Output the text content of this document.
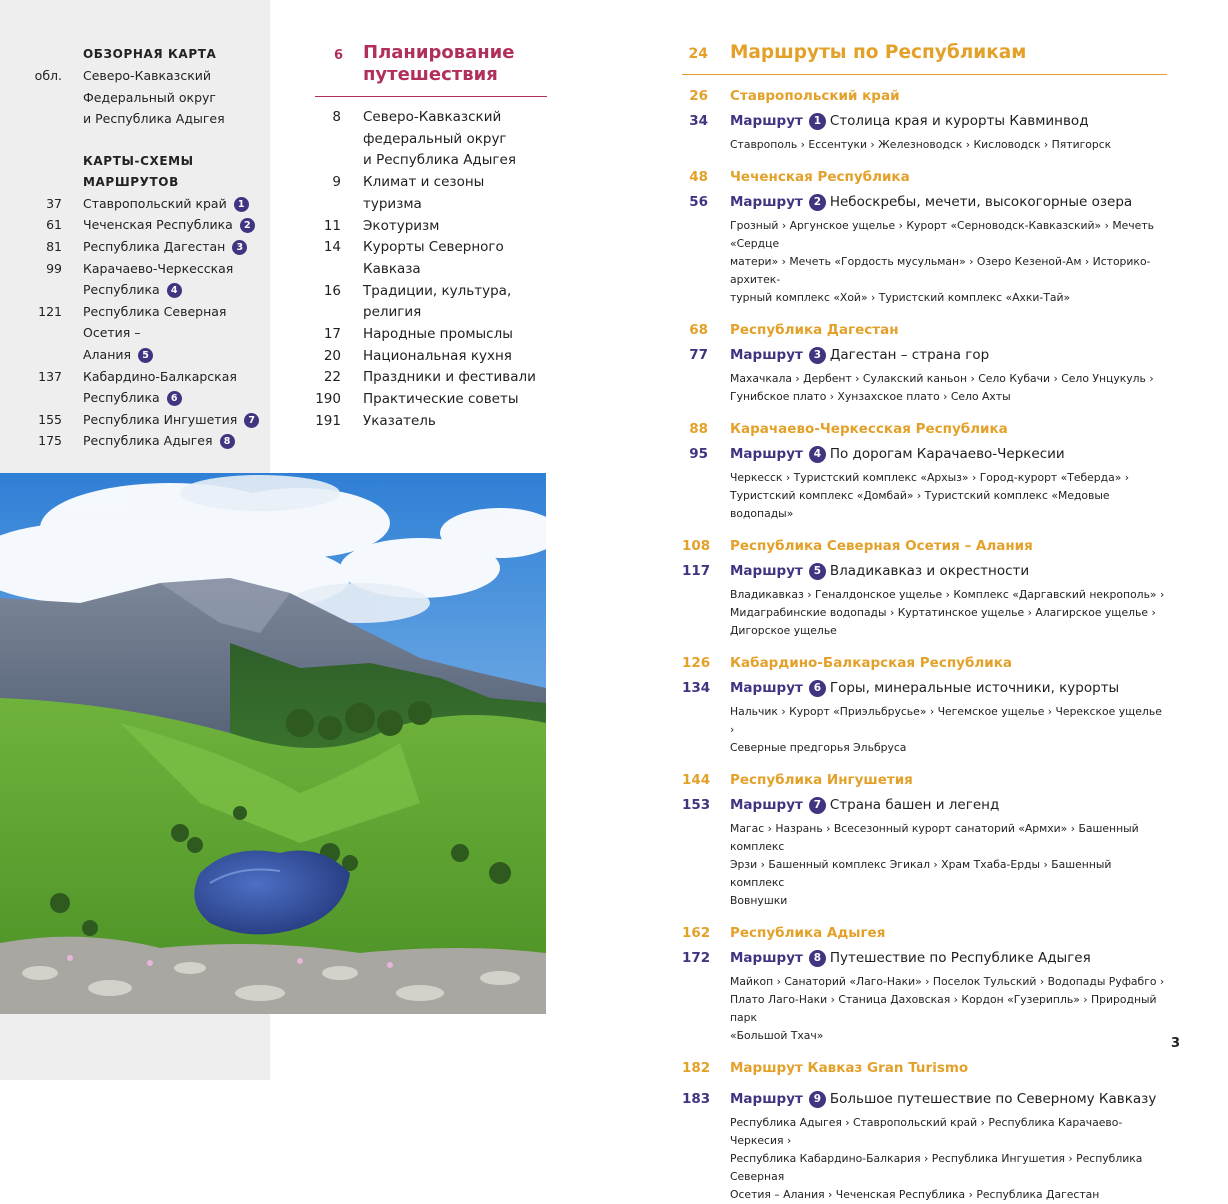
ОБЗОРНАЯ КАРТА
обл. Северо-Кавказский
Федеральный округ
и Республика Адыгея
КАРТЫ-СХЕМЫ
МАРШРУТОВ
37 Ставропольский край 1
61 Чеченская Республика 2
81 Республика Дагестан 3
99 Карачаево-Черкесская
Республика 4
121 Республика Северная Осетия –
Алания 5
137 Кабардино-Балкарская
Республика 6
155 Республика Ингушетия 7
175 Республика Адыгея 8
6 Планирование
путешествия
8 Северо-Кавказский
федеральный округ
и Республика Адыгея
9 Климат и сезоны туризма
11 Экотуризм
14 Курорты Северного
Кавказа
16 Традиции, культура,
религия
17 Народные промыслы
20 Национальная кухня
22 Праздники и фестивали
190 Практические советы
191 Указатель
24 Маршруты по Республикам
26 Ставропольский край
34 Маршрут	1 Столица края и курорты Кавминвод
Ставрополь › Ессентуки › Железноводск › Кисловодск › Пятигорск
48 Чеченская Республика
56 Маршрут	2 Небоскребы, мечети, высокогорные озера
Грозный › Аргунское ущелье › Курорт «Серноводск-Кавказский» › Мечеть «Сердце
матери» › Мечеть «Гордость мусульман» › Озеро Кезеной-Ам › Историко-архитек-
турный комплекс «Хой» › Туристский комплекс «Ахки-Тай»
68 Республика Дагестан
77 Маршрут	3 Дагестан – страна гор
Махачкала › Дербент › Сулакский каньон › Село Кубачи › Село Унцукуль ›
Гунибское плато › Хунзахское плато › Село Ахты
88 Карачаево-Черкесская Республика
95 Маршрут	4 По дорогам Карачаево-Черкесии
Черкесск › Туристский комплекс «Архыз» › Город-курорт «Теберда» ›
Туристский комплекс «Домбай» › Туристский комплекс «Медовые водопады»
108 Республика Северная Осетия – Алания
117 Маршрут	5 Владикавказ и окрестности
Владикавказ › Геналдонское ущелье › Комплекс «Даргавский некрополь» ›
Мидаграбинские водопады › Куртатинское ущелье › Алагирское ущелье ›
Дигорское ущелье
126 Кабардино-Балкарская Республика
134 Маршрут	6 Горы, минеральные источники, курорты
Нальчик › Курорт «Приэльбрусье» › Чегемское ущелье › Черекское ущелье ›
Северные предгорья Эльбруса
144 Республика Ингушетия
153 Маршрут	7 Страна башен и легенд
Магас › Назрань › Всесезонный курорт санаторий «Армхи» › Башенный комплекс
Эрзи › Башенный комплекс Эгикал › Храм Тхаба-Ерды › Башенный комплекс
Вовнушки
162 Республика Адыгея
172 Маршрут	8 Путешествие по Республике Адыгея
Майкоп › Санаторий «Лаго-Наки» › Поселок Тульский › Водопады Руфабго ›
Плато Лаго-Наки › Станица Даховская › Кордон «Гузерипль» › Природный парк
«Большой Тхач»
182 Маршрут Кавказ Gran Turismo
183 Маршрут	9 Большое путешествие по Северному Кавказу
Республика Адыгея › Ставропольский край › Республика Карачаево-Черкесия ›
Республика Кабардино-Балкария › Республика Ингушетия › Республика Северная
Осетия – Алания › Чеченская Республика › Республика Дагестан
3
